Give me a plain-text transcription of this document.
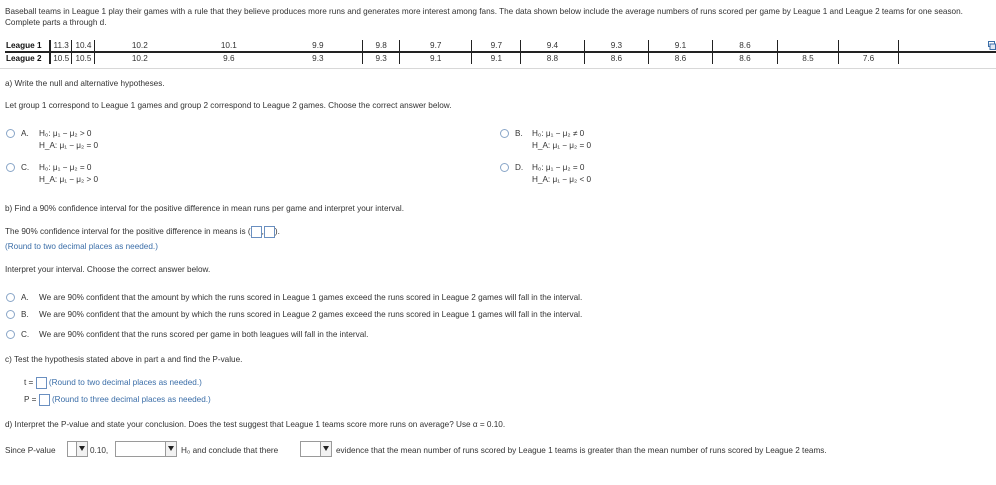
Baseball teams in League 1 play their games with a rule that they believe produces more runs and generates more interest among fans. The data shown below include the average numbers of runs scored per game by League 1 and League 2 teams for one season. Complete parts a through d.
League 1	11.3	10.4	10.2	10.1	9.9	9.8	9.7	9.7	9.4	9.3	9.1	8.6			
League 2	10.5	10.5	10.2	9.6	9.3	9.3	9.1	9.1	8.8	8.6	8.6	8.6	8.5	7.6	
a) Write the null and alternative hypotheses.
Let group 1 correspond to League 1 games and group 2 correspond to League 2 games. Choose the correct answer below.
A. H₀: μ₁ − μ₂ > 0
H_A: μ₁ − μ₂ = 0
B. H₀: μ₁ − μ₂ ≠ 0
H_A: μ₁ − μ₂ = 0
C. H₀: μ₁ − μ₂ = 0
H_A: μ₁ − μ₂ > 0
D. H₀: μ₁ − μ₂ = 0
H_A: μ₁ − μ₂ < 0
b) Find a 90% confidence interval for the positive difference in mean runs per game and interpret your interval.
The 90% confidence interval for the positive difference in means is ( , ).
(Round to two decimal places as needed.)
Interpret your interval. Choose the correct answer below.
A. We are 90% confident that the amount by which the runs scored in League 1 games exceed the runs scored in League 2 games will fall in the interval.
B. We are 90% confident that the amount by which the runs scored in League 2 games exceed the runs scored in League 1 games will fall in the interval.
C. We are 90% confident that the runs scored per game in both leagues will fall in the interval.
c) Test the hypothesis stated above in part a and find the P-value.
t = (Round to two decimal places as needed.)
P = (Round to three decimal places as needed.)
d) Interpret the P-value and state your conclusion. Does the test suggest that League 1 teams score more runs on average? Use α = 0.10.
Since P-value	0.10,	H₀ and conclude that there	evidence that the mean number of runs scored by League 1 teams is greater than the mean number of runs scored by League 2 teams.
